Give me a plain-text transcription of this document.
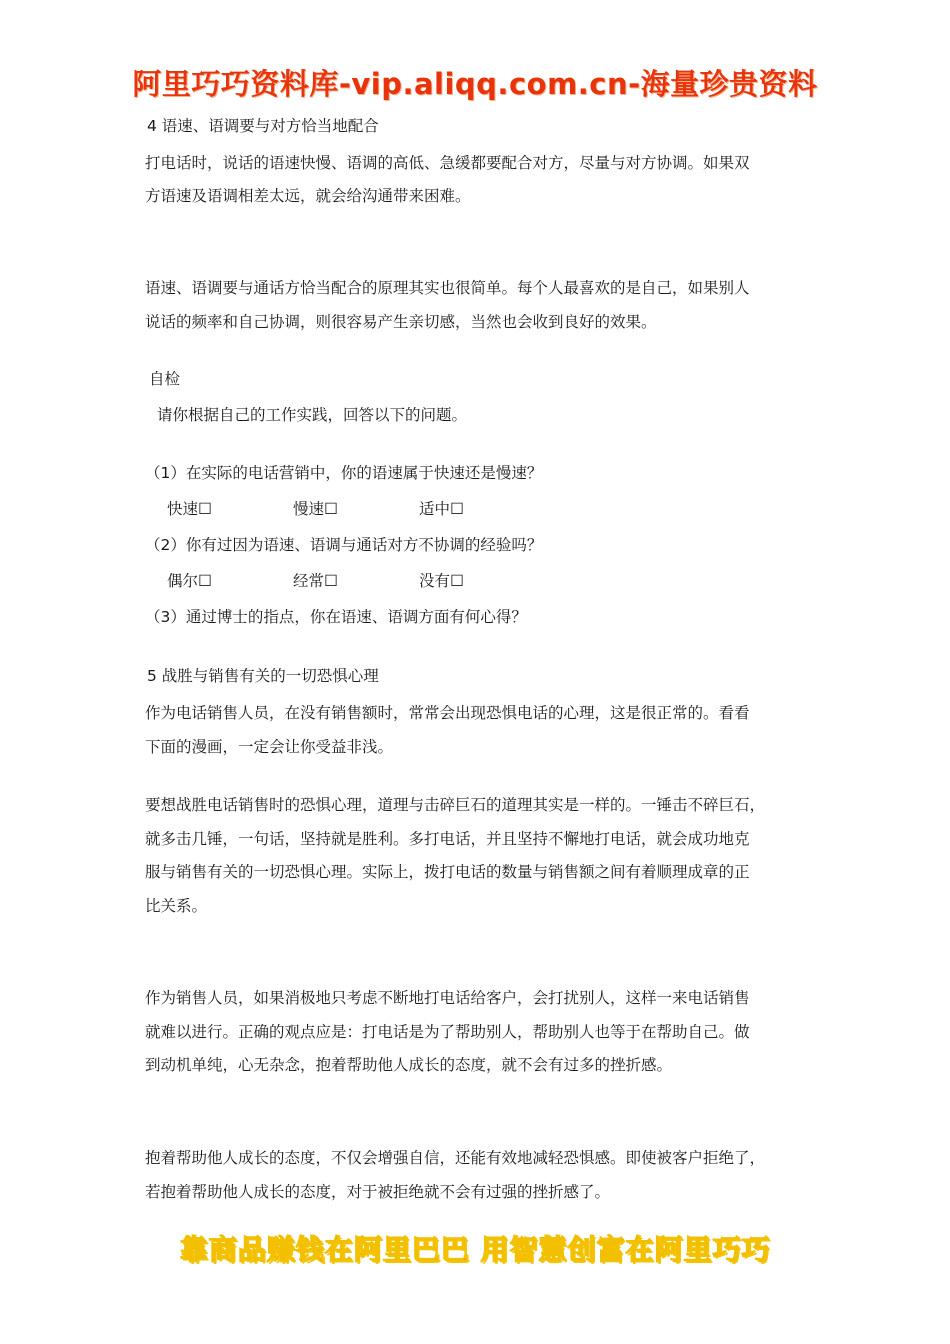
阿里巧巧资料库-vip.aliqq.com.cn-海量珍贵资料
4 语速、语调要与对方恰当地配合
打电话时，说话的语速快慢、语调的高低、急缓都要配合对方，尽量与对方协调。如果双
方语速及语调相差太远，就会给沟通带来困难。
语速、语调要与通话方恰当配合的原理其实也很简单。每个人最喜欢的是自己，如果别人
说话的频率和自己协调，则很容易产生亲切感，当然也会收到良好的效果。
自检
请你根据自己的工作实践，回答以下的问题。
（1）在实际的电话营销中，你的语速属于快速还是慢速？
快速☐	慢速☐	适中☐
（2）你有过因为语速、语调与通话对方不协调的经验吗？
偶尔☐	经常☐	没有☐
（3）通过博士的指点，你在语速、语调方面有何心得？
5 战胜与销售有关的一切恐惧心理
作为电话销售人员，在没有销售额时，常常会出现恐惧电话的心理，这是很正常的。看看
下面的漫画，一定会让你受益非浅。
要想战胜电话销售时的恐惧心理，道理与击碎巨石的道理其实是一样的。一锤击不碎巨石，
就多击几锤，一句话，坚持就是胜利。多打电话，并且坚持不懈地打电话，就会成功地克
服与销售有关的一切恐惧心理。实际上，拨打电话的数量与销售额之间有着顺理成章的正
比关系。
作为销售人员，如果消极地只考虑不断地打电话给客户，会打扰别人，这样一来电话销售
就难以进行。正确的观点应是：打电话是为了帮助别人，帮助别人也等于在帮助自己。做
到动机单纯，心无杂念，抱着帮助他人成长的态度，就不会有过多的挫折感。
抱着帮助他人成长的态度，不仅会增强自信，还能有效地减轻恐惧感。即使被客户拒绝了，
若抱着帮助他人成长的态度，对于被拒绝就不会有过强的挫折感了。
靠商品赚钱在阿里巴巴 用智慧创富在阿里巧巧
